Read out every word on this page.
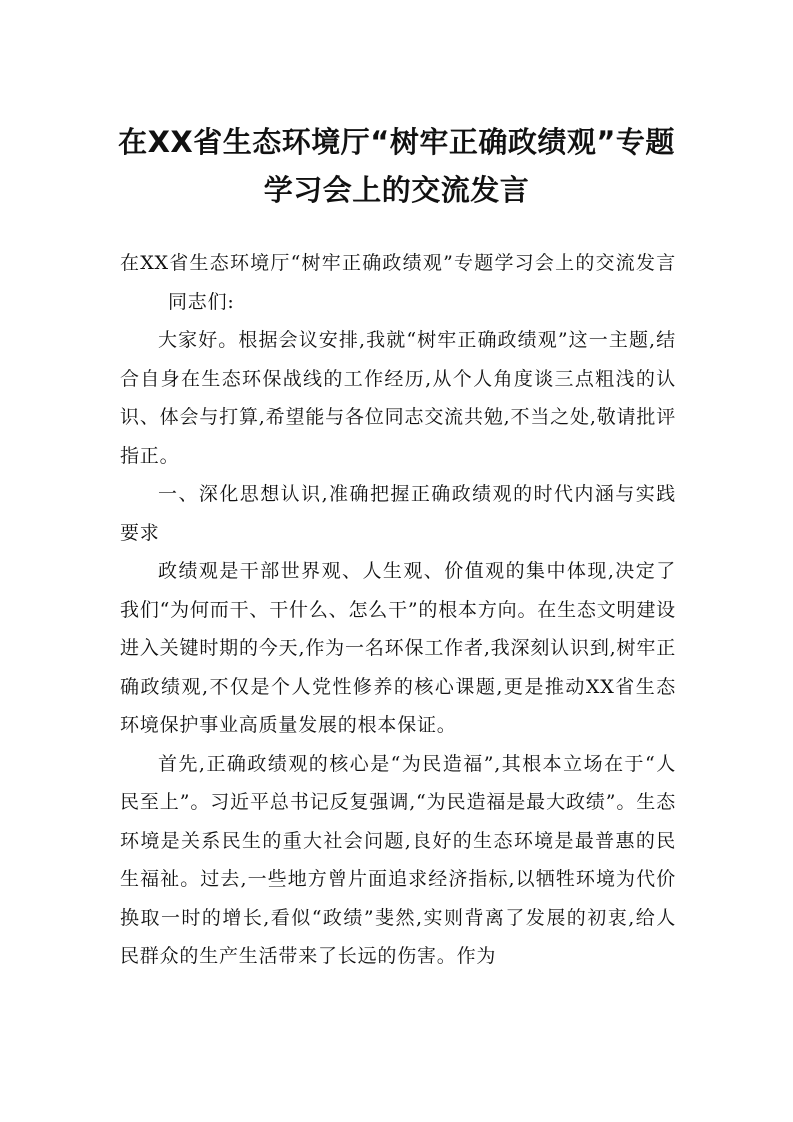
在XX省生态环境厅“树牢正确政绩观”专题学习会上的交流发言

在XX省生态环境厅“树牢正确政绩观”专题学习会上的交流发言同志们:

大家好。根据会议安排,我就“树牢正确政绩观”这一主题,结合自身在生态环保战线的工作经历,从个人角度谈三点粗浅的认识、体会与打算,希望能与各位同志交流共勉,不当之处,敬请批评指正。

一、深化思想认识,准确把握正确政绩观的时代内涵与实践要求

政绩观是干部世界观、人生观、价值观的集中体现,决定了我们“为何而干、干什么、怎么干”的根本方向。在生态文明建设进入关键时期的今天,作为一名环保工作者,我深刻认识到,树牢正确政绩观,不仅是个人党性修养的核心课题,更是推动XX省生态环境保护事业高质量发展的根本保证。

首先,正确政绩观的核心是“为民造福”,其根本立场在于“人民至上”。习近平总书记反复强调,“为民造福是最大政绩”。生态环境是关系民生的重大社会问题,良好的生态环境是最普惠的民生福祉。过去,一些地方曾片面追求经济指标,以牺牲环境为代价换取一时的增长,看似“政绩”斐然,实则背离了发展的初衷,给人民群众的生产生活带来了长远的伤害。作为
